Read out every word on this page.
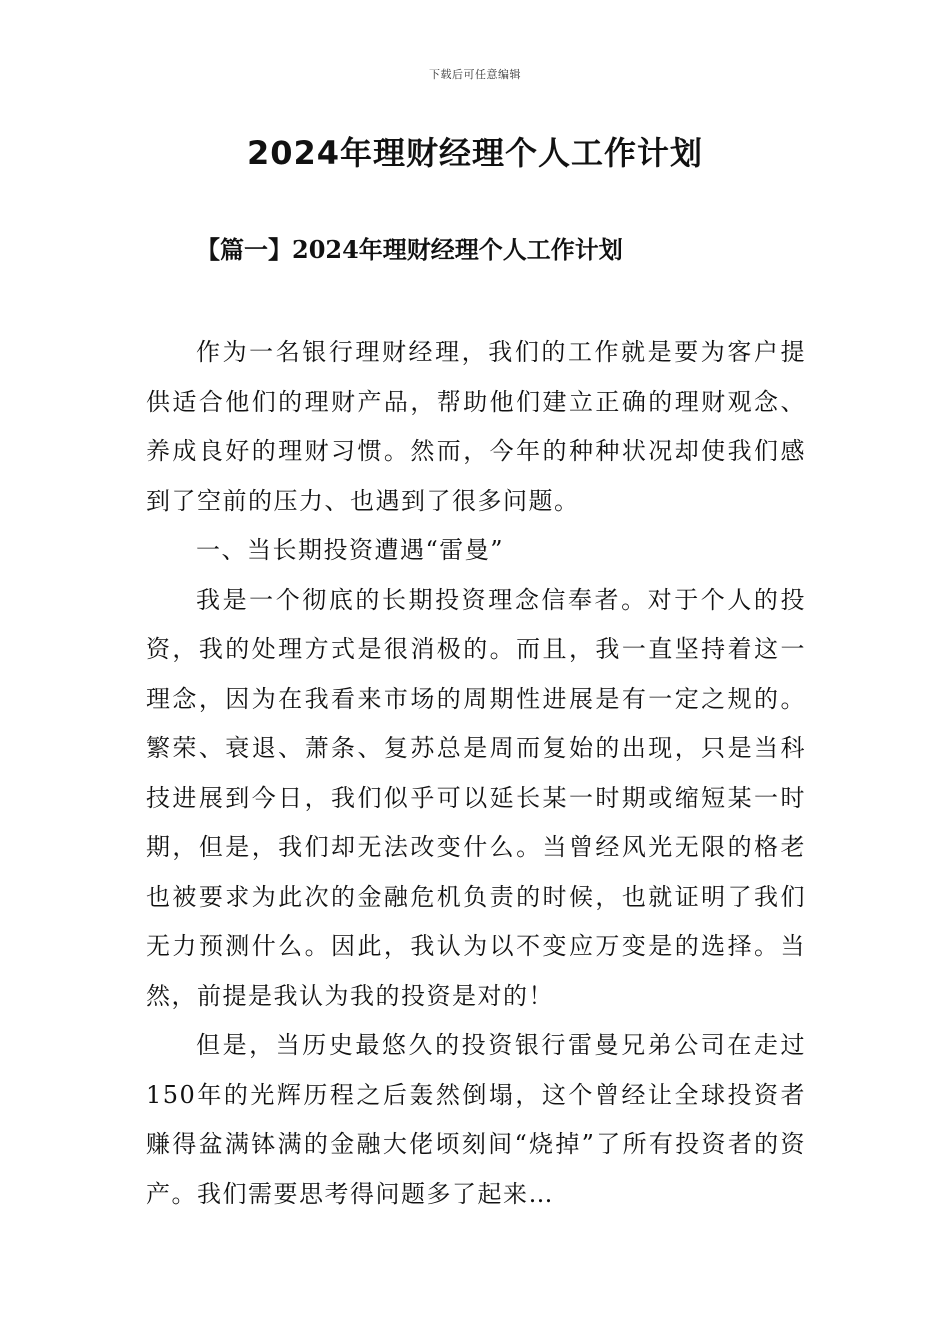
下载后可任意编辑
2024年理财经理个人工作计划
【篇一】2024年理财经理个人工作计划

作为一名银行理财经理，我们的工作就是要为客户提供适合他们的理财产品，帮助他们建立正确的理财观念、养成良好的理财习惯。然而，今年的种种状况却使我们感到了空前的压力、也遇到了很多问题。

一、当长期投资遭遇“雷曼”

我是一个彻底的长期投资理念信奉者。对于个人的投资，我的处理方式是很消极的。而且，我一直坚持着这一理念，因为在我看来市场的周期性进展是有一定之规的。繁荣、衰退、萧条、复苏总是周而复始的出现，只是当科技进展到今日，我们似乎可以延长某一时期或缩短某一时期，但是，我们却无法改变什么。当曾经风光无限的格老也被要求为此次的金融危机负责的时候，也就证明了我们无力预测什么。因此，我认为以不变应万变是的选择。当然，前提是我认为我的投资是对的！

但是，当历史最悠久的投资银行雷曼兄弟公司在走过150年的光辉历程之后轰然倒塌，这个曾经让全球投资者赚得盆满钵满的金融大佬顷刻间“烧掉”了所有投资者的资产。我们需要思考得问题多了起来…
